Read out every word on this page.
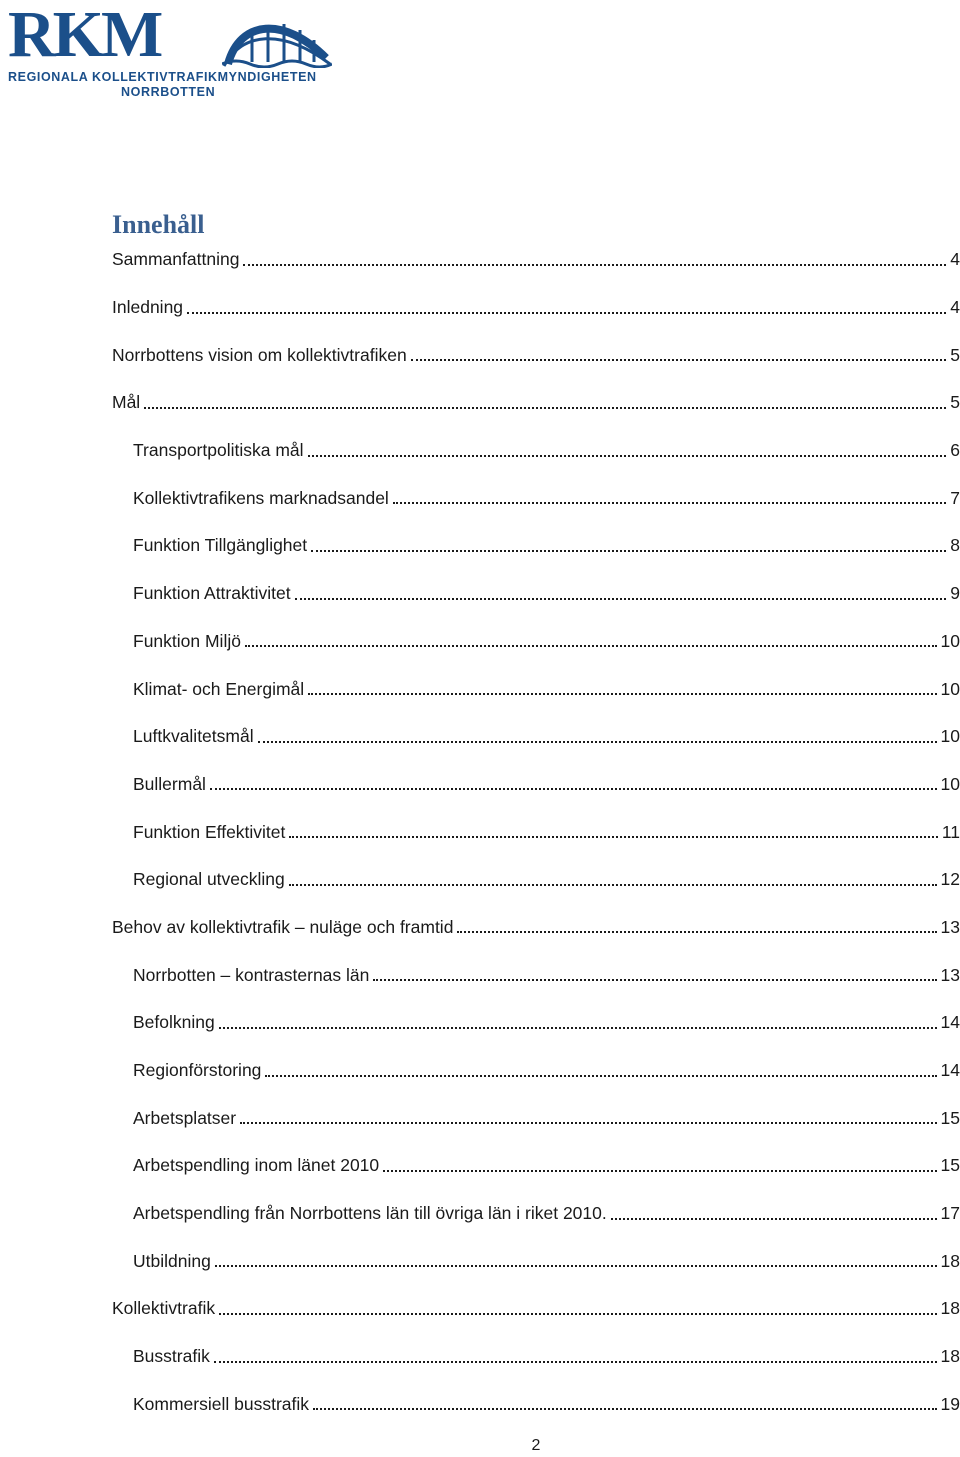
RKM
REGIONALA KOLLEKTIVTRAFIKMYNDIGHETEN
NORRBOTTEN
Innehåll
Sammanfattning	4
Inledning	4
Norrbottens vision om kollektivtrafiken	5
Mål	5
Transportpolitiska mål	6
Kollektivtrafikens marknadsandel	7
Funktion Tillgänglighet	8
Funktion Attraktivitet	9
Funktion Miljö	10
Klimat- och Energimål	10
Luftkvalitetsmål	10
Bullermål	10
Funktion Effektivitet	11
Regional utveckling	12
Behov av kollektivtrafik – nuläge och framtid	13
Norrbotten – kontrasternas län	13
Befolkning	14
Regionförstoring	14
Arbetsplatser	15
Arbetspendling inom länet 2010	15
Arbetspendling från Norrbottens län till övriga län i riket 2010.	17
Utbildning	18
Kollektivtrafik	18
Busstrafik	18
Kommersiell busstrafik	19
2
